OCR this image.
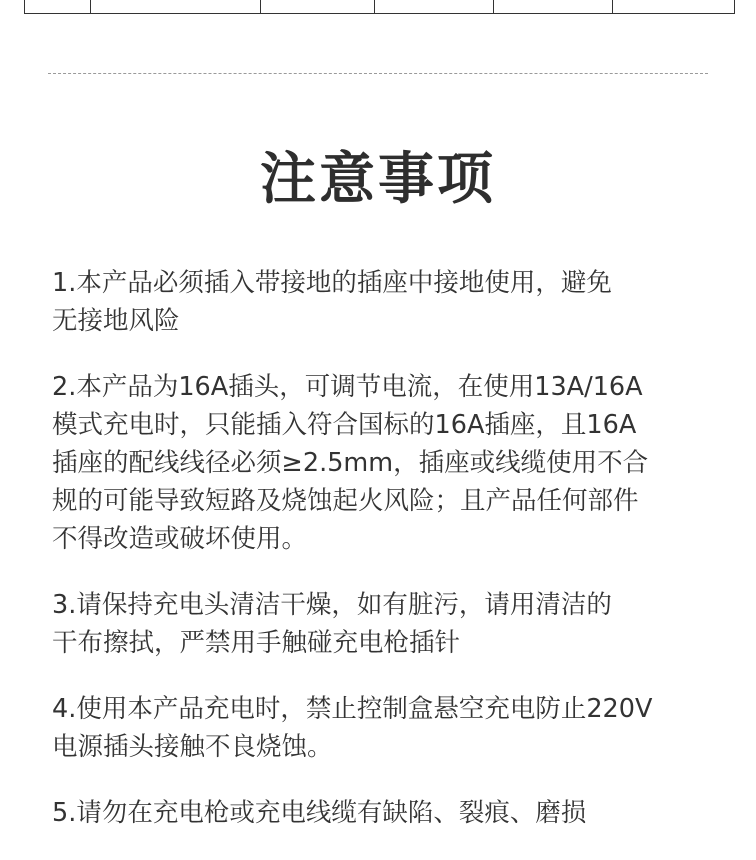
注意事项
1.本产品必须插入带接地的插座中接地使用，避免
无接地风险
2.本产品为16A插头，可调节电流，在使用13A/16A
模式充电时，只能插入符合国标的16A插座，且16A
插座的配线线径必须≥2.5mm，插座或线缆使用不合
规的可能导致短路及烧蚀起火风险；且产品任何部件
不得改造或破坏使用。
3.请保持充电头清洁干燥，如有脏污，请用清洁的
干布擦拭，严禁用手触碰充电枪插针
4.使用本产品充电时，禁止控制盒悬空充电防止220V
电源插头接触不良烧蚀。
5.请勿在充电枪或充电线缆有缺陷、裂痕、磨损
